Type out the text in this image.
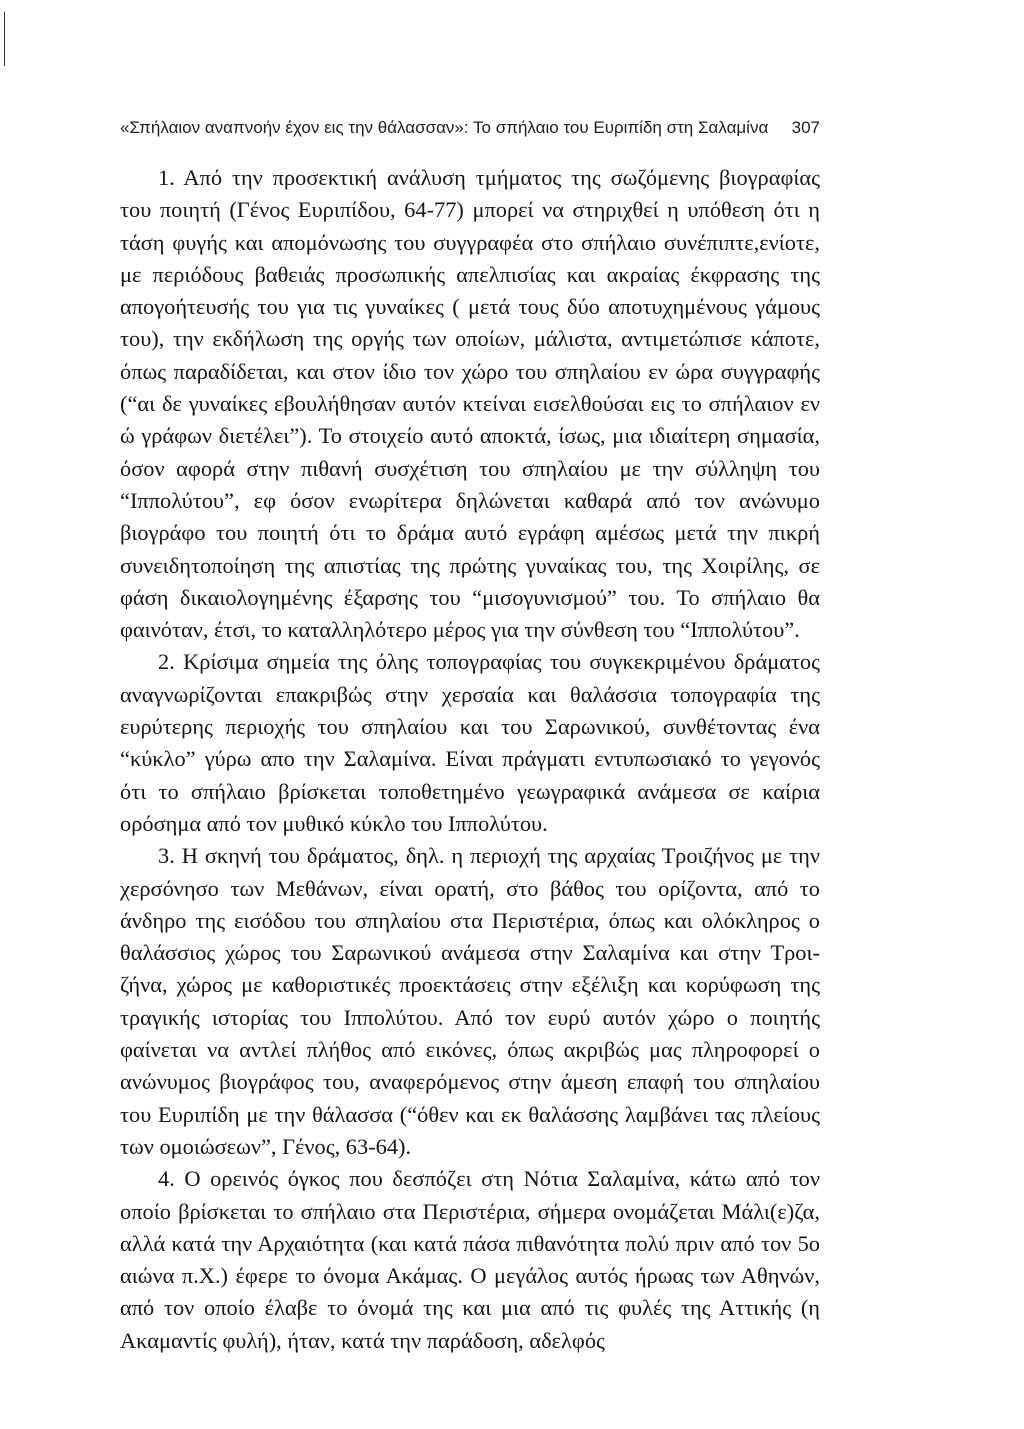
«Σπήλαιον αναπνοήν έχον εις την θάλασσαν»: Το σπήλαιο του Ευριπίδη στη Σαλαμίνα 307

1. Από την προσεκτική ανάλυση τμήματος της σωζόμενης βιογραφίας του ποιητή (Γένος Ευριπίδου, 64-77) μπορεί να στηριχθεί η υπόθεση ότι η τάση φυγής και απομόνωσης του συγγραφέα στο σπήλαιο συνέπιπτε,ενίοτε, με περιόδους βαθειάς προσωπικής απελπισίας και ακραίας έκφρασης της απογοήτευσής του για τις γυναίκες ( μετά τους δύο αποτυχημένους γάμους του), την εκδήλωση της οργής των οποίων, μάλιστα, αντιμετώπισε κάποτε, όπως παραδίδεται, και στον ίδιο τον χώρο του σπηλαίου εν ώρα συγγραφής (“αι δε γυναίκες εβουλήθησαν αυτόν κτείναι εισελθούσαι εις το σπήλαιον εν ώ γράφων διετέλει”). Το στοιχείο αυτό αποκτά, ίσως, μια ιδιαίτερη σημασία, όσον αφορά στην πιθανή συσχέτιση του σπηλαίου με την σύλληψη του “Ιππολύτου”, εφ όσον ενωρίτερα δηλώνεται καθαρά από τον ανώνυμο βιογράφο του ποιητή ότι το δράμα αυτό εγράφη αμέσως μετά την πικρή συνειδητοποίηση της απιστίας της πρώτης γυναίκας του, της Χοιρίλης, σε φάση δικαιολογημένης έξαρσης του “μισογυνισμού” του. Το σπήλαιο θα φαινόταν, έτσι, το καταλληλότερο μέρος για την σύνθεση του “Ιππολύτου”.

2. Κρίσιμα σημεία της όλης τοπογραφίας του συγκεκριμένου δράματος αναγνωρίζονται επακριβώς στην χερσαία και θαλάσσια τοπογραφία της ευρύτερης περιοχής του σπηλαίου και του Σαρωνικού, συνθέτοντας ένα “κύκλο” γύρω απο την Σαλαμίνα. Είναι πράγματι εντυπωσιακό το γεγονός ότι το σπήλαιο βρίσκεται τοποθετημένο γεωγραφικά ανάμεσα σε καίρια ορόσημα από τον μυθικό κύκλο του Ιππολύτου.

3. Η σκηνή του δράματος, δηλ. η περιοχή της αρχαίας Τροιζήνος με την χερσόνησο των Μεθάνων, είναι ορατή, στο βάθος του ορίζοντα, από το άνδηρο της εισόδου του σπηλαίου στα Περιστέρια, όπως και ολόκληρος ο θαλάσσιος χώρος του Σαρωνικού ανάμεσα στην Σαλαμίνα και στην Τροιζήνα, χώρος με καθοριστικές προεκτάσεις στην εξέλιξη και κορύφωση της τραγικής ιστορίας του Ιππολύτου. Από τον ευρύ αυτόν χώρο ο ποιητής φαίνεται να αντλεί πλήθος από εικόνες, όπως ακριβώς μας πληροφορεί ο ανώνυμος βιογράφος του, αναφερόμενος στην άμεση επαφή του σπηλαίου του Ευριπίδη με την θάλασσα (“όθεν και εκ θαλάσσης λαμβάνει τας πλείους των ομοιώσεων”, Γένος, 63-64).

4. Ο ορεινός όγκος που δεσπόζει στη Νότια Σαλαμίνα, κάτω από τον οποίο βρίσκεται το σπήλαιο στα Περιστέρια, σήμερα ονομάζεται Μάλι(ε)ζα, αλλά κατά την Αρχαιότητα (και κατά πάσα πιθανότητα πολύ πριν από τον 5ο αιώνα π.Χ.) έφερε το όνομα Ακάμας. Ο μεγάλος αυτός ήρωας των Αθηνών, από τον οποίο έλαβε το όνομά της και μια από τις φυλές της Αττικής (η Ακαμαντίς φυλή), ήταν, κατά την παράδοση, αδελφός
